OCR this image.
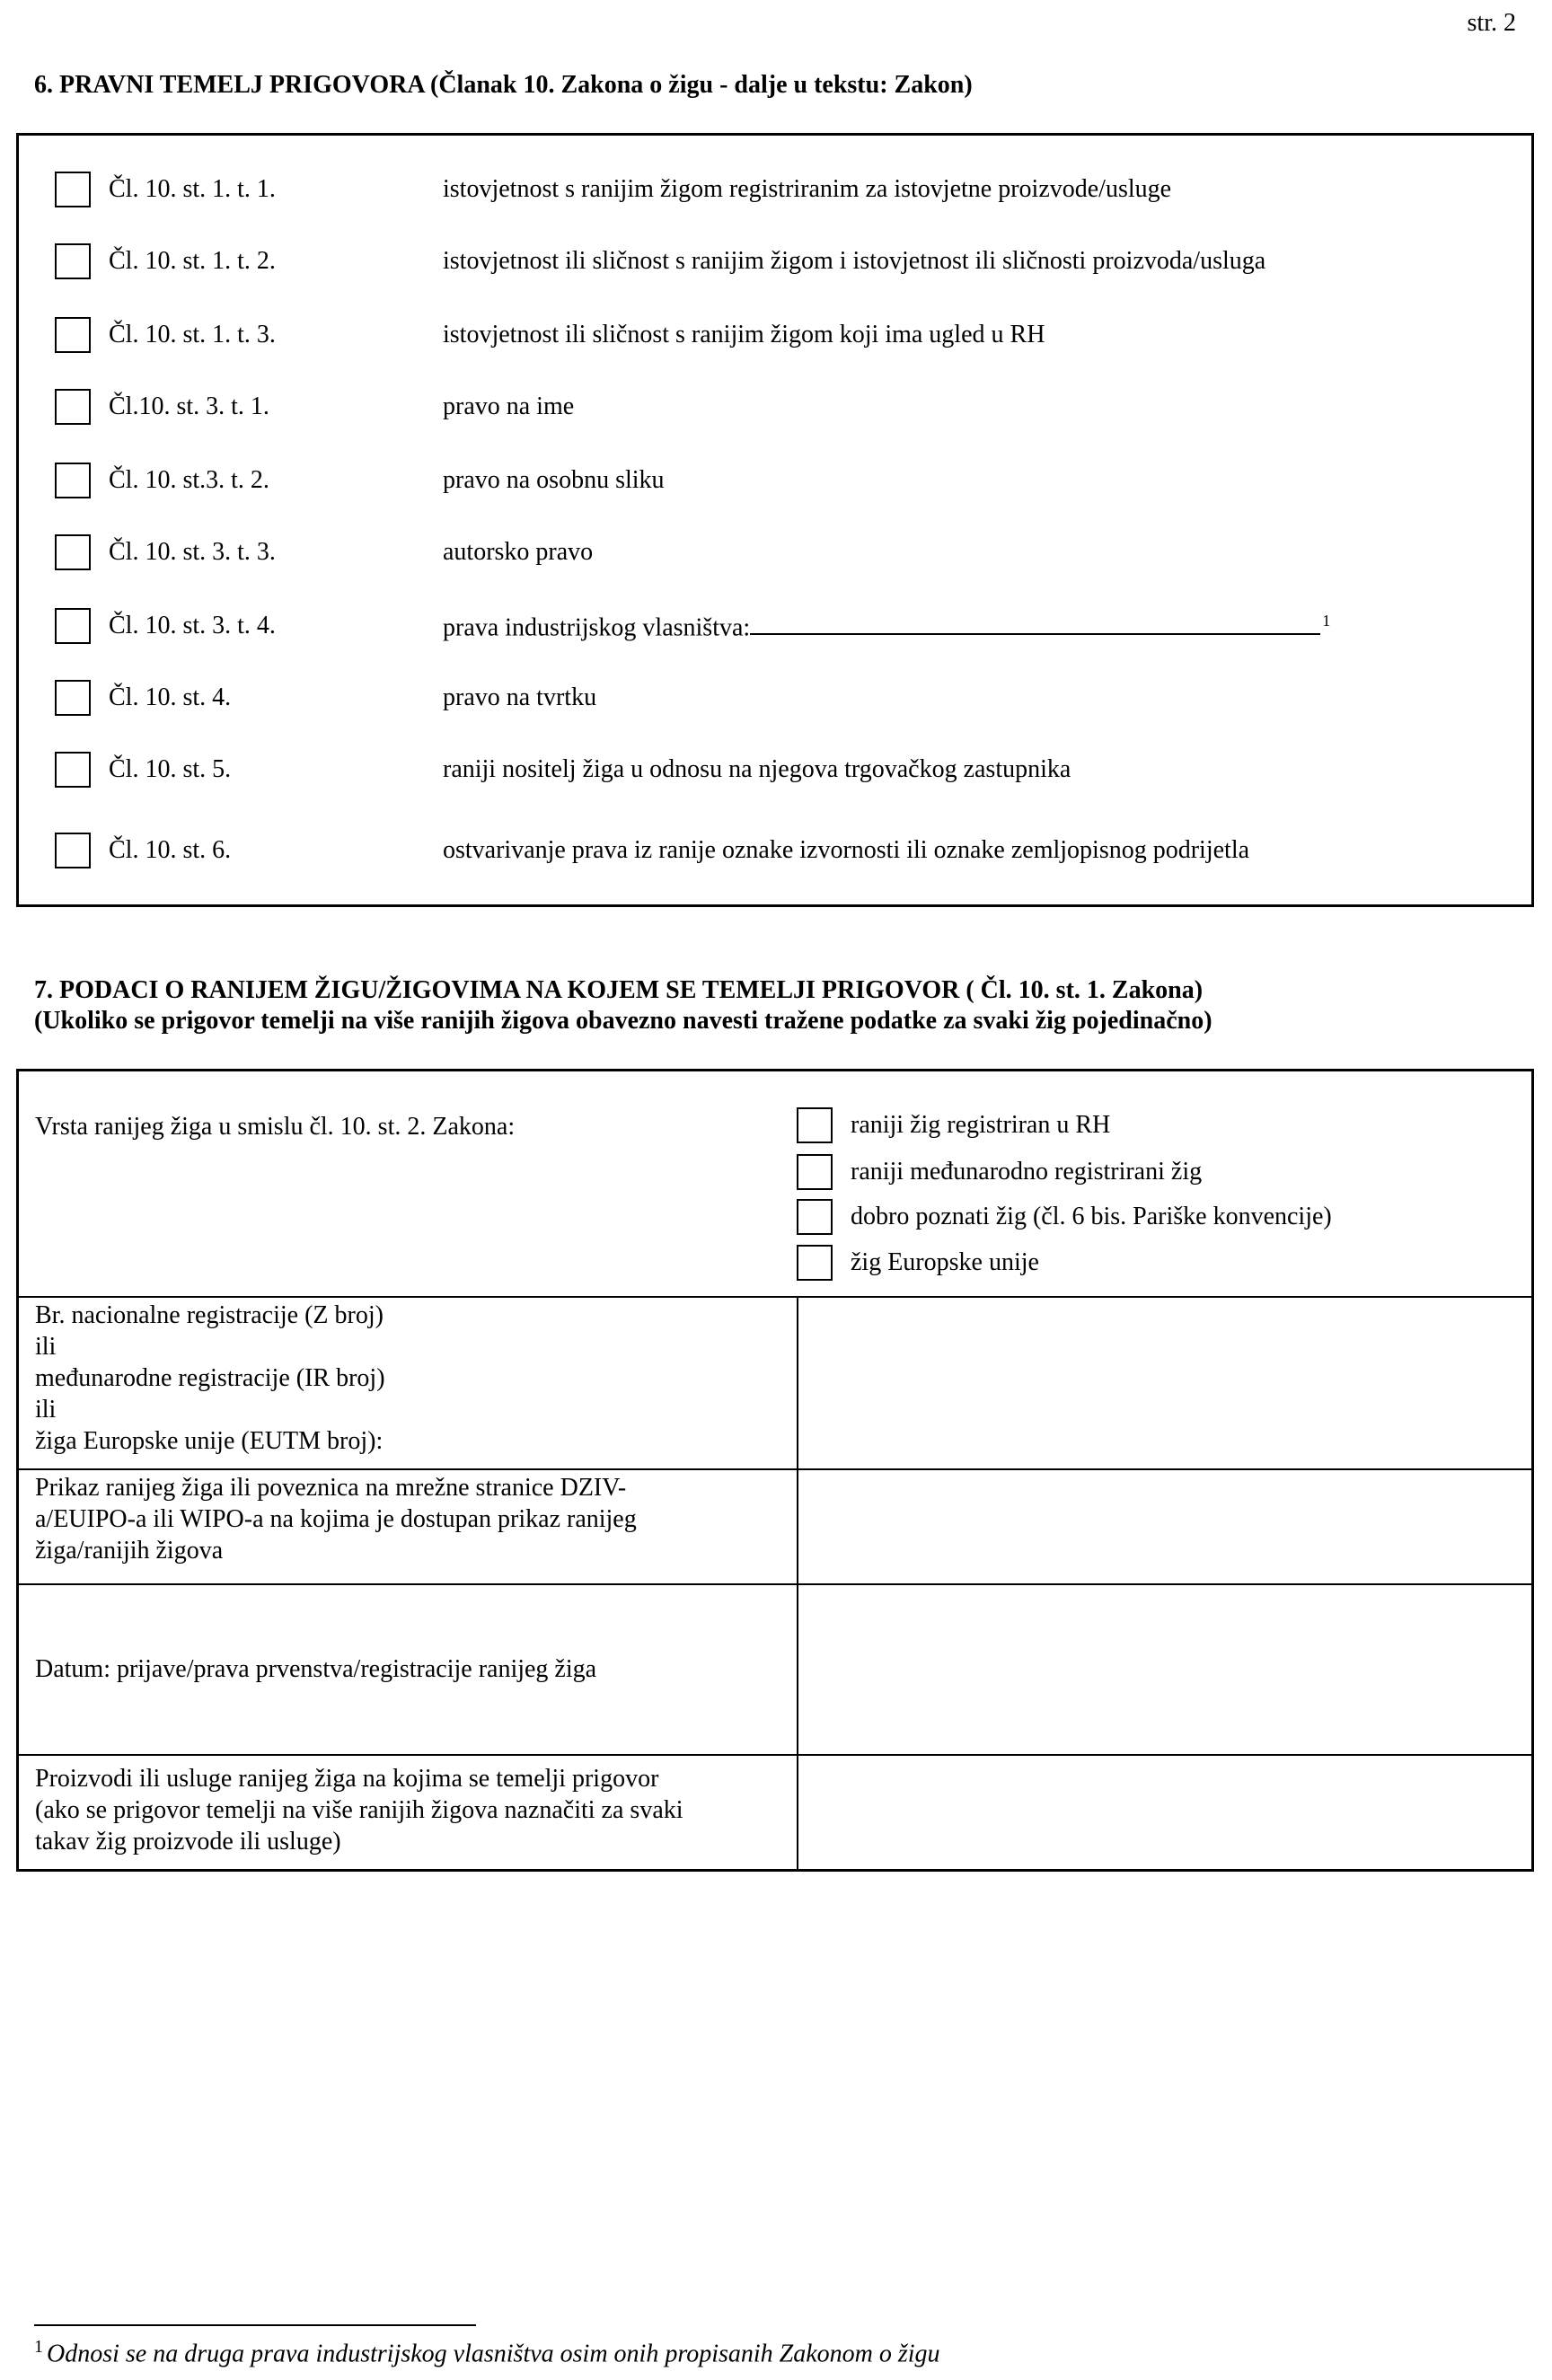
str. 2
6. PRAVNI TEMELJ PRIGOVORA (Članak 10. Zakona o žigu - dalje u tekstu: Zakon)
Čl. 10. st. 1. t. 1.	istovjetnost s ranijim žigom registriranim za istovjetne proizvode/usluge
Čl. 10. st. 1. t. 2.	istovjetnost ili sličnost s ranijim žigom i istovjetnost ili sličnosti proizvoda/usluga
Čl. 10. st. 1. t. 3.	istovjetnost ili sličnost s ranijim žigom koji ima ugled u RH
Čl.10. st. 3. t. 1.	pravo na ime
Čl. 10. st.3. t. 2.	pravo na osobnu sliku
Čl. 10. st. 3. t. 3.	autorsko pravo
Čl. 10. st. 3. t. 4.	prava industrijskog vlasništva:	$^1$
Čl. 10. st. 4.	pravo na tvrtku
Čl. 10. st. 5.	raniji nositelj žiga u odnosu na njegova trgovačkog zastupnika
Čl. 10. st. 6.	ostvarivanje prava iz ranije oznake izvornosti ili oznake zemljopisnog podrijetla
7. PODACI O RANIJEM ŽIGU/ŽIGOVIMA NA KOJEM SE TEMELJI PRIGOVOR ( Čl. 10. st. 1. Zakona)

(Ukoliko se prigovor temelji na više ranijih žigova obavezno navesti tražene podatke za svaki žig pojedinačno)

Vrsta ranijeg žiga u smislu čl. 10. st. 2. Zakona:	raniji žig registriran u RH
raniji međunarodno registrirani žig
dobro poznati žig (čl. 6 bis. Pariške konvencije)
žig Europske unije
Br. nacionalne registracije (Z broj)
ili
međunarodne registracije (IR broj)
ili
žiga Europske unije (EUTM broj):
Prikaz ranijeg žiga ili poveznica na mrežne stranice DZIV-
a/EUIPO-a ili WIPO-a na kojima je dostupan prikaz ranijeg
žiga/ranijih žigova
Datum: prijave/prava prvenstva/registracije ranijeg žiga
Proizvodi ili usluge ranijeg žiga na kojima se temelji prigovor
(ako se prigovor temelji na više ranijih žigova naznačiti za svaki
takav žig proizvode ili usluge)
$^1$ Odnosi se na druga prava industrijskog vlasništva osim onih propisanih Zakonom o žigu
